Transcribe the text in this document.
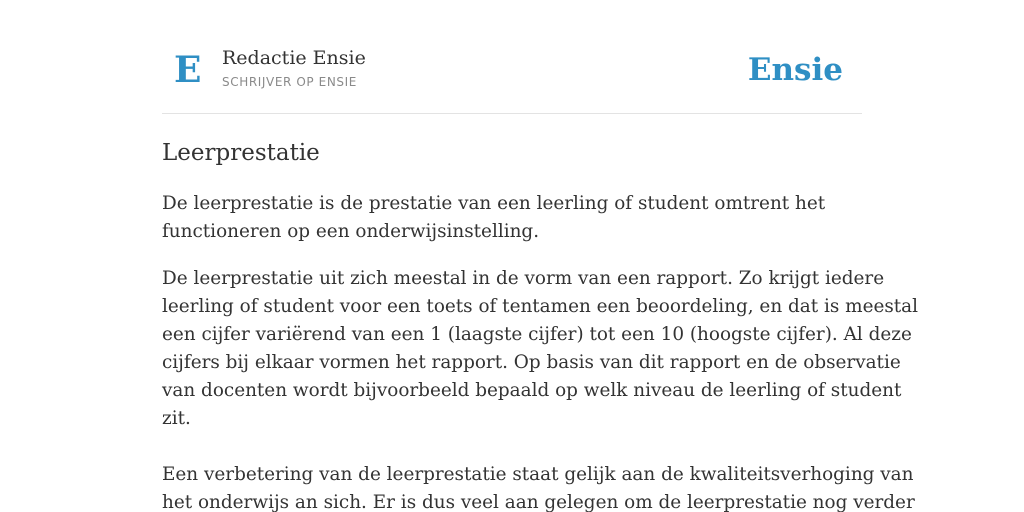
E Redactie Ensie
SCHRIJVER OP ENSIE	Ensie
Leerprestatie

De leerprestatie is de prestatie van een leerling of student omtrent het
functioneren op een onderwijsinstelling.

De leerprestatie uit zich meestal in de vorm van een rapport. Zo krijgt iedere
leerling of student voor een toets of tentamen een beoordeling, en dat is meestal
een cijfer variërend van een 1 (laagste cijfer) tot een 10 (hoogste cijfer). Al deze
cijfers bij elkaar vormen het rapport. Op basis van dit rapport en de observatie
van docenten wordt bijvoorbeeld bepaald op welk niveau de leerling of student
zit.

Een verbetering van de leerprestatie staat gelijk aan de kwaliteitsverhoging van
het onderwijs an sich. Er is dus veel aan gelegen om de leerprestatie nog verder
